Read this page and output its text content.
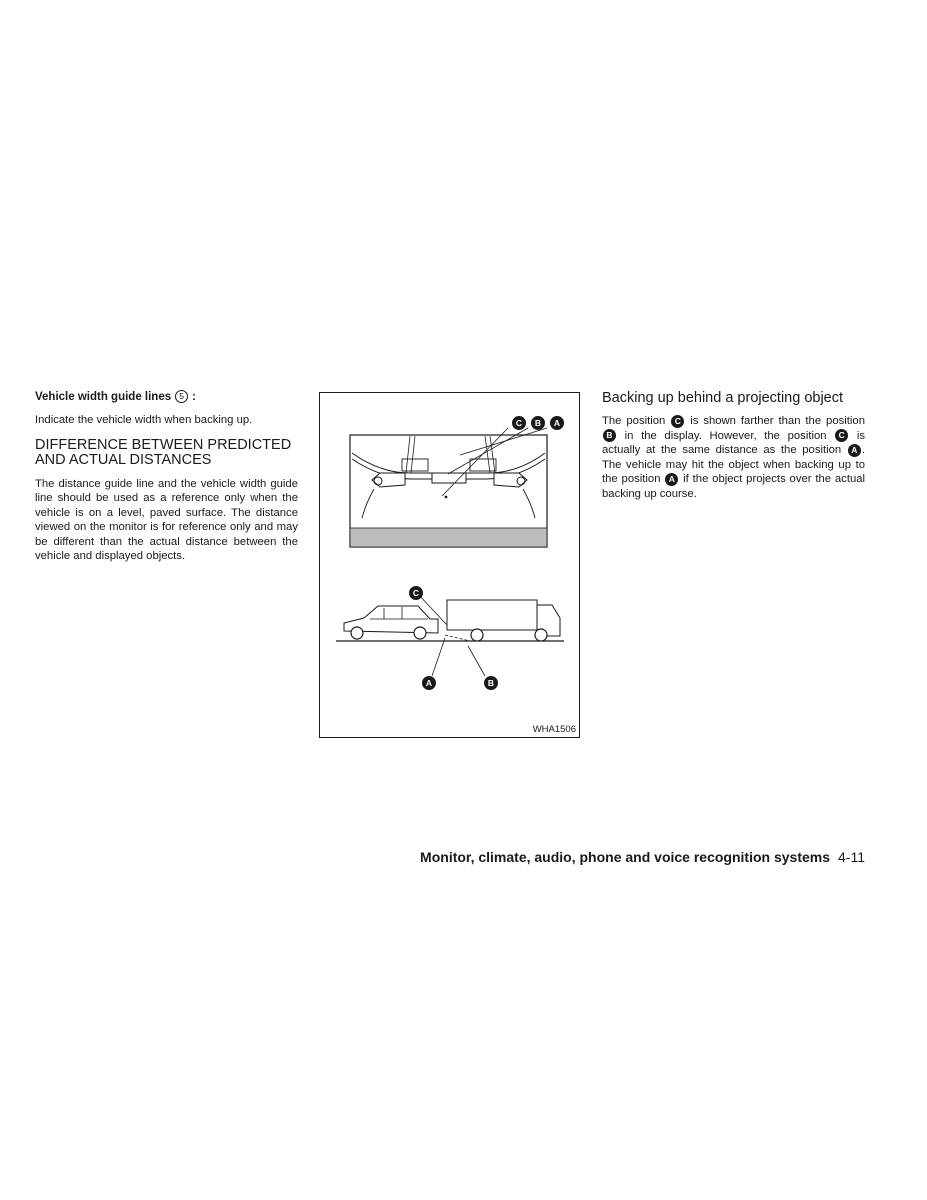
Vehicle width guide lines 5 :

Indicate the vehicle width when backing up.

DIFFERENCE BETWEEN PREDICTED AND ACTUAL DISTANCES

The distance guide line and the vehicle width guide line should be used as a reference only when the vehicle is on a level, paved surface. The distance viewed on the monitor is for reference only and may be different than the actual distance between the vehicle and displayed objects.

C	B	A
C
A	B
WHA1506
Backing up behind a projecting object

The position C is shown farther than the position B in the display. However, the position C is actually at the same distance as the position A . The vehicle may hit the object when backing up to the position A if the object projects over the actual backing up course.

Monitor, climate, audio, phone and voice recognition systems 4-11
